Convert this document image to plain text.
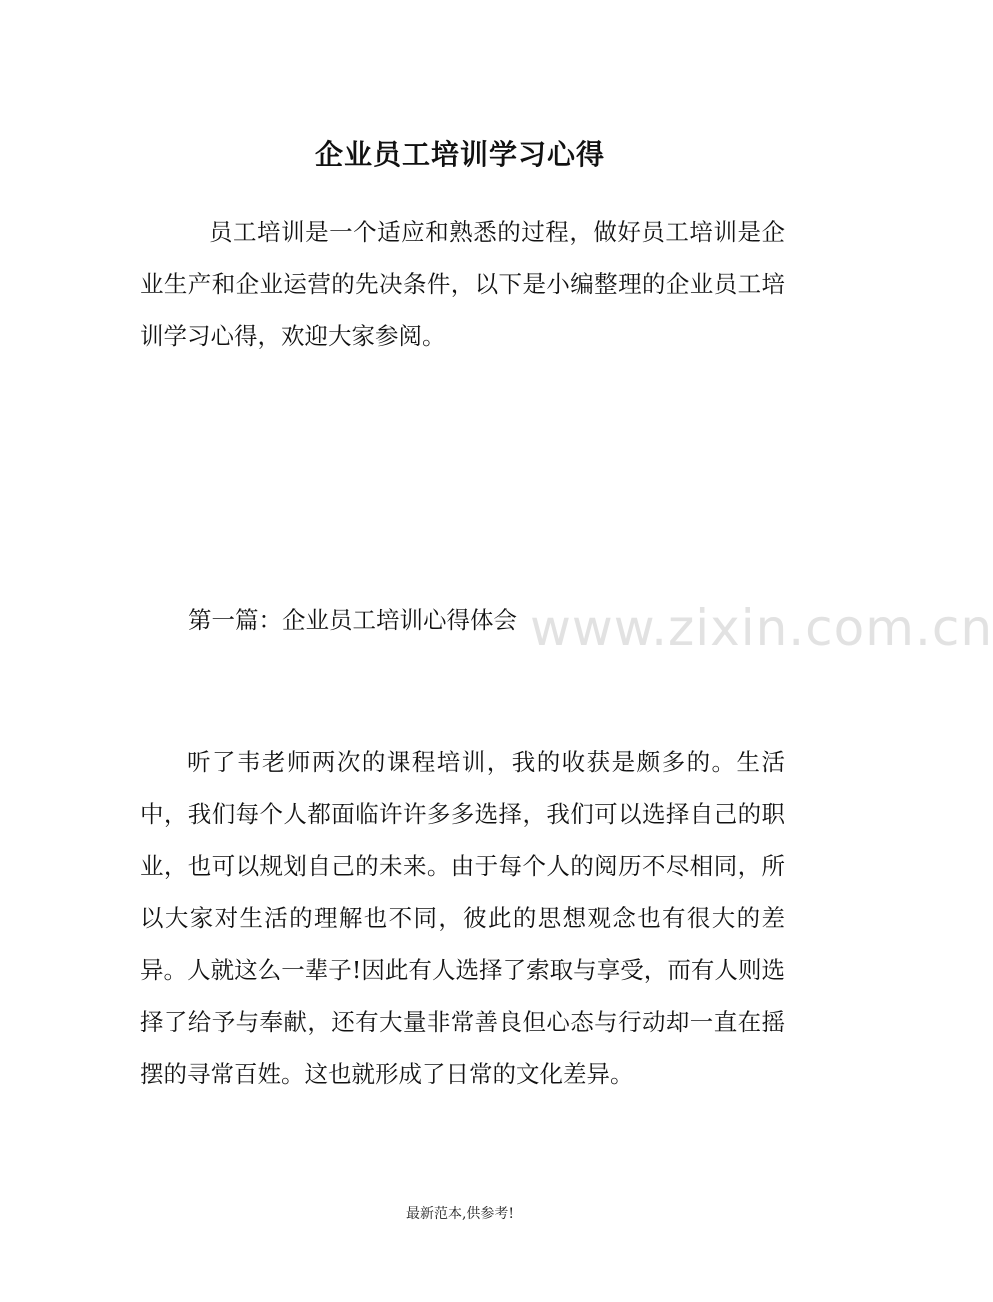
企业员工培训学习心得

员工培训是一个适应和熟悉的过程，做好员工培训是企业生产和企业运营的先决条件，以下是小编整理的企业员工培训学习心得，欢迎大家参阅。

第一篇：企业员工培训心得体会

听了韦老师两次的课程培训，我的收获是颇多的。生活中，我们每个人都面临许许多多选择，我们可以选择自己的职业，也可以规划自己的未来。由于每个人的阅历不尽相同，所以大家对生活的理解也不同，彼此的思想观念也有很大的差异。人就这么一辈子!因此有人选择了索取与享受，而有人则选择了给予与奉献，还有大量非常善良但心态与行动却一直在摇摆的寻常百姓。这也就形成了日常的文化差异。

www.zixin.com.cn
最新范本,供参考!
